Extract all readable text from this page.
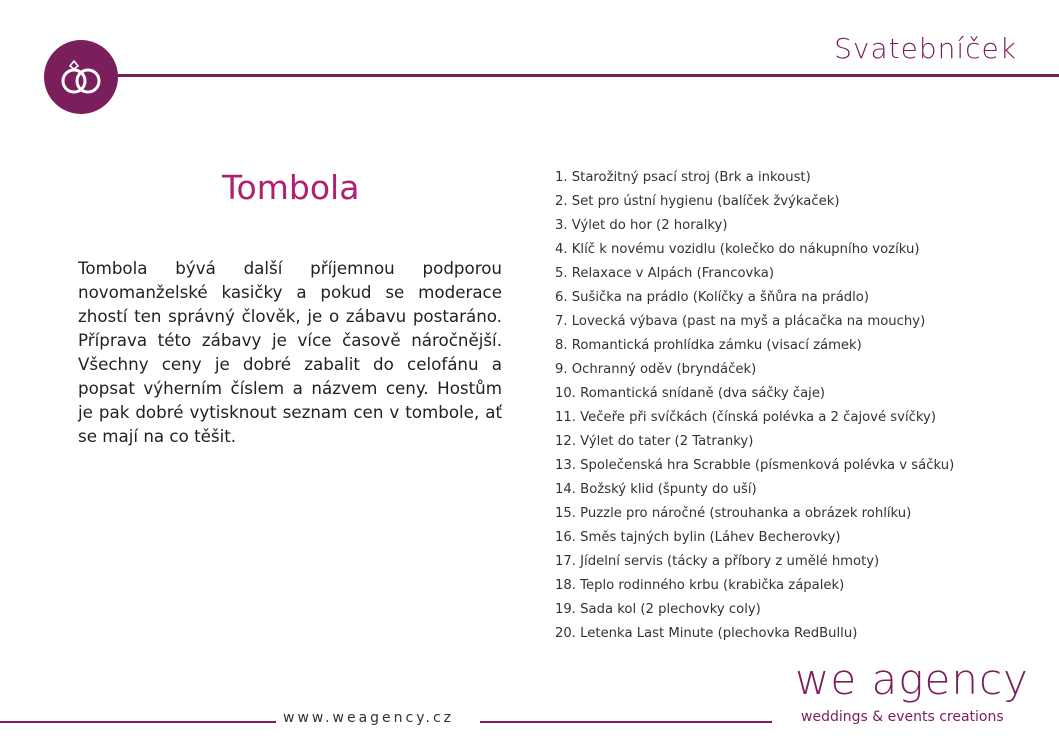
Svatebníček
Tombola

Tombola bývá další příjemnou podporou novomanželské kasičky a pokud se moderace zhostí ten správný člověk, je o zábavu postaráno. Příprava této zábavy je více časově náročnější. Všechny ceny je dobré zabalit do celofánu a popsat výherním číslem a názvem ceny. Hostům je pak dobré vytisknout seznam cen v tombole, ať se mají na co těšit.

1. Starožitný psací stroj (Brk a inkoust)
2. Set pro ústní hygienu (balíček žvýkaček)
3. Výlet do hor (2 horalky)
4. Klíč k novému vozidlu (kolečko do nákupního vozíku)
5. Relaxace v Alpách (Francovka)
6. Sušička na prádlo (Kolíčky a šňůra na prádlo)
7. Lovecká výbava (past na myš a plácačka na mouchy)
8. Romantická prohlídka zámku (visací zámek)
9. Ochranný oděv (bryndáček)
10. Romantická snídaně (dva sáčky čaje)
11. Večeře při svíčkách (čínská polévka a 2 čajové svíčky)
12. Výlet do tater (2 Tatranky)
13. Společenská hra Scrabble (písmenková polévka v sáčku)
14. Božský klid (špunty do uší)
15. Puzzle pro náročné (strouhanka a obrázek rohlíku)
16. Směs tajných bylin (Láhev Becherovky)
17. Jídelní servis (tácky a příbory z umělé hmoty)
18. Teplo rodinného krbu (krabička zápalek)
19. Sada kol (2 plechovky coly)
20. Letenka Last Minute (plechovka RedBullu)
www.weagency.cz
we agency
weddings & events creations
